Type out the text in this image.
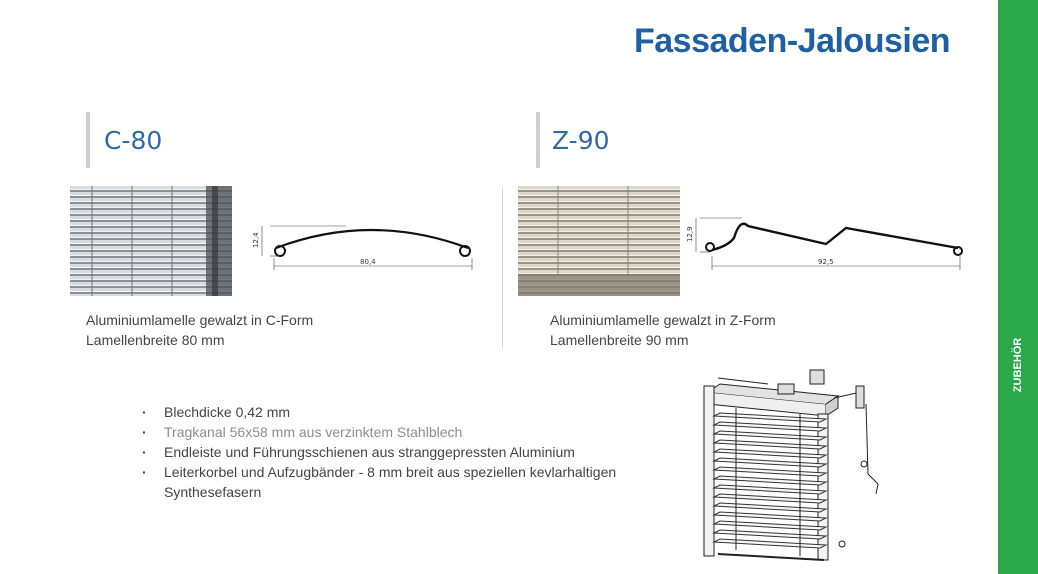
Fassaden-Jalousien
ZUBEHÖR
C-80
12,4
80,4
Aluminiumlamelle gewalzt in C-Form
Lamellenbreite 80 mm
Z-90
12,9
92,5
Aluminiumlamelle gewalzt in Z-Form
Lamellenbreite 90 mm
· Blechdicke 0,42 mm
· Tragkanal 56x58 mm aus verzinktem Stahlblech
· Endleiste und Führungsschienen aus stranggepressten Aluminium
· Leiterkorbel und Aufzugbänder - 8 mm breit aus speziellen kevlarhaltigen
Synthesefasern
